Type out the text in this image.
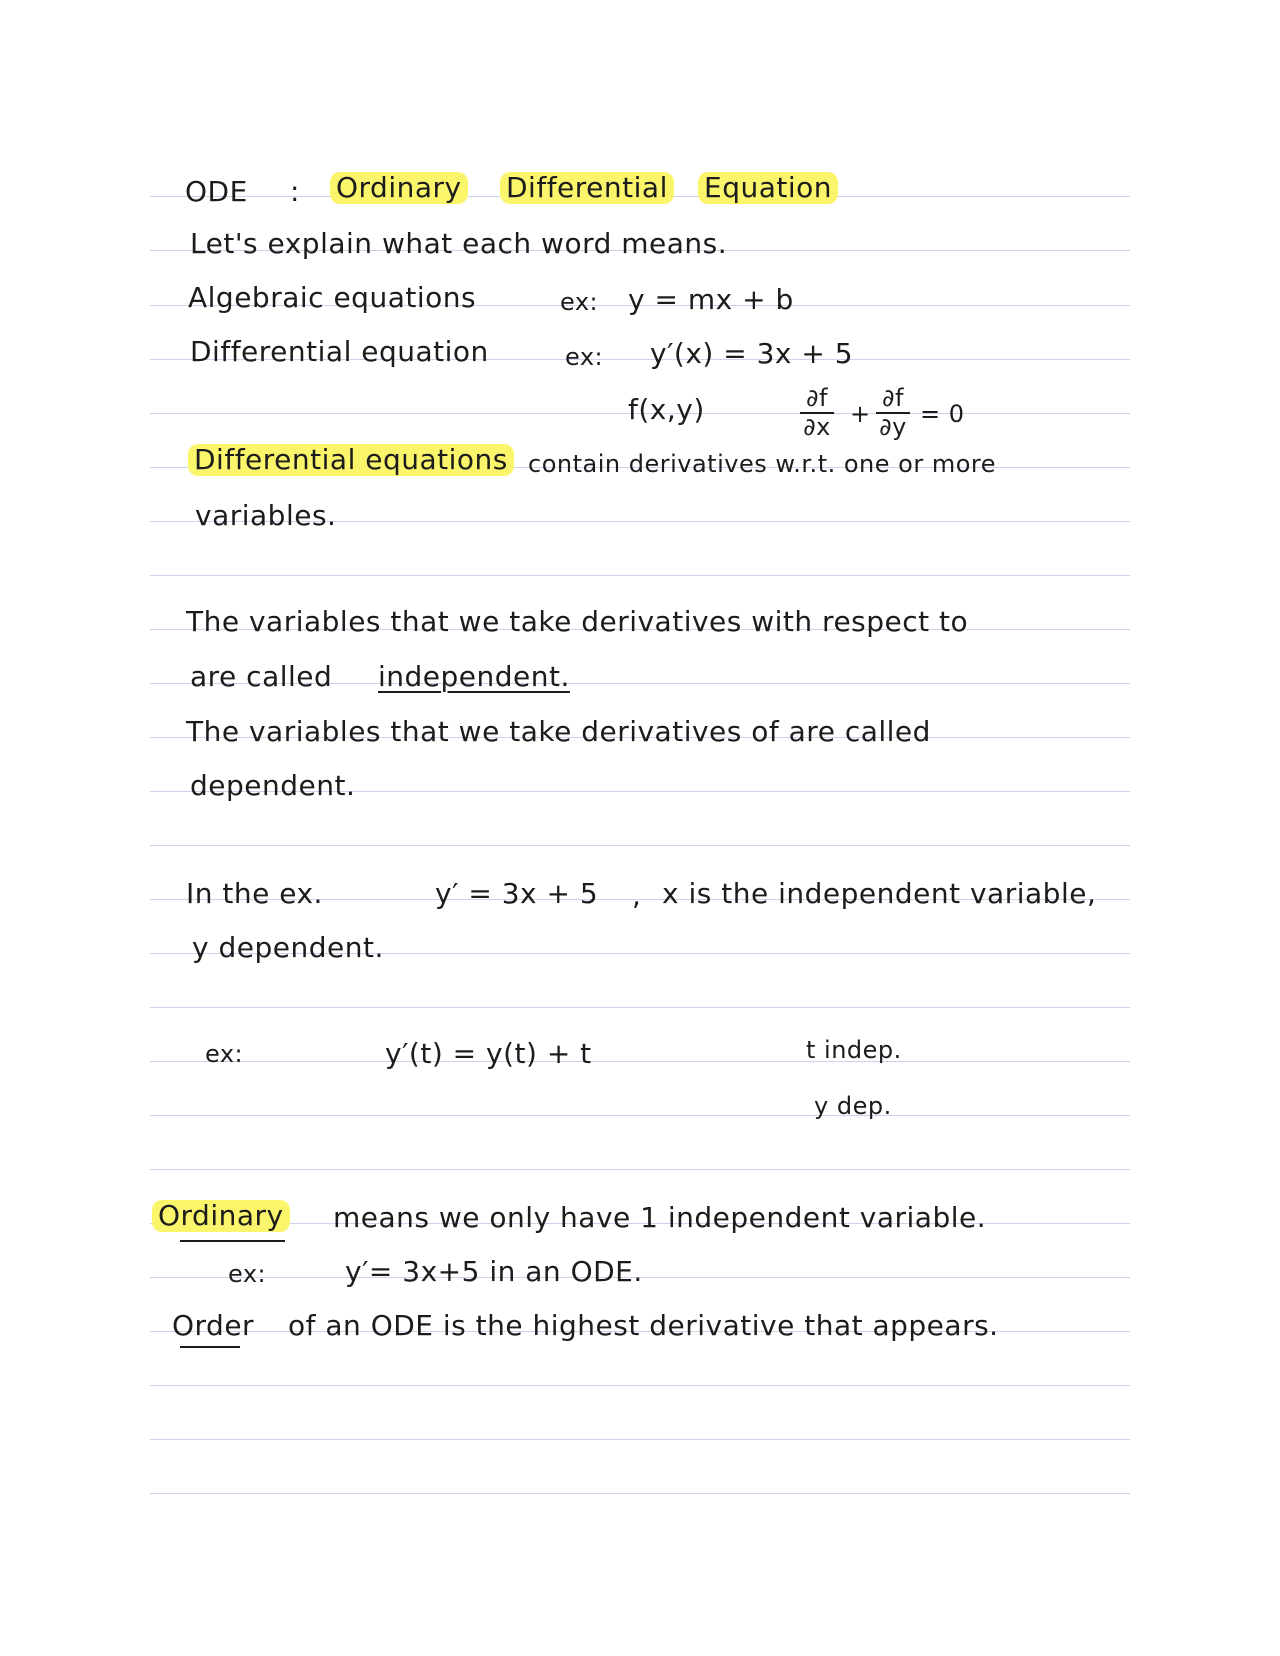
ODE : Ordinary Differential Equation
Let's explain what each word means.
Algebraic equations	ex: y = mx + b
Differential equation	ex: y′(x) = 3x + 5
f(x,y)	∂f
∂x +
∂f
∂y = 0
Differential equations contain derivatives w.r.t. one or more
variables.
The variables that we take derivatives with respect to
are called independent.
The variables that we take derivatives of are called
dependent.
In the ex.	y′ = 3x + 5 , x is the independent variable,
y dependent.
ex:	y′(t) = y(t) + t	t indep.
y dep.
Ordinary means we only have 1 independent variable.
ex:	y′= 3x+5 in an ODE.
Order of an ODE is the highest derivative that appears.
